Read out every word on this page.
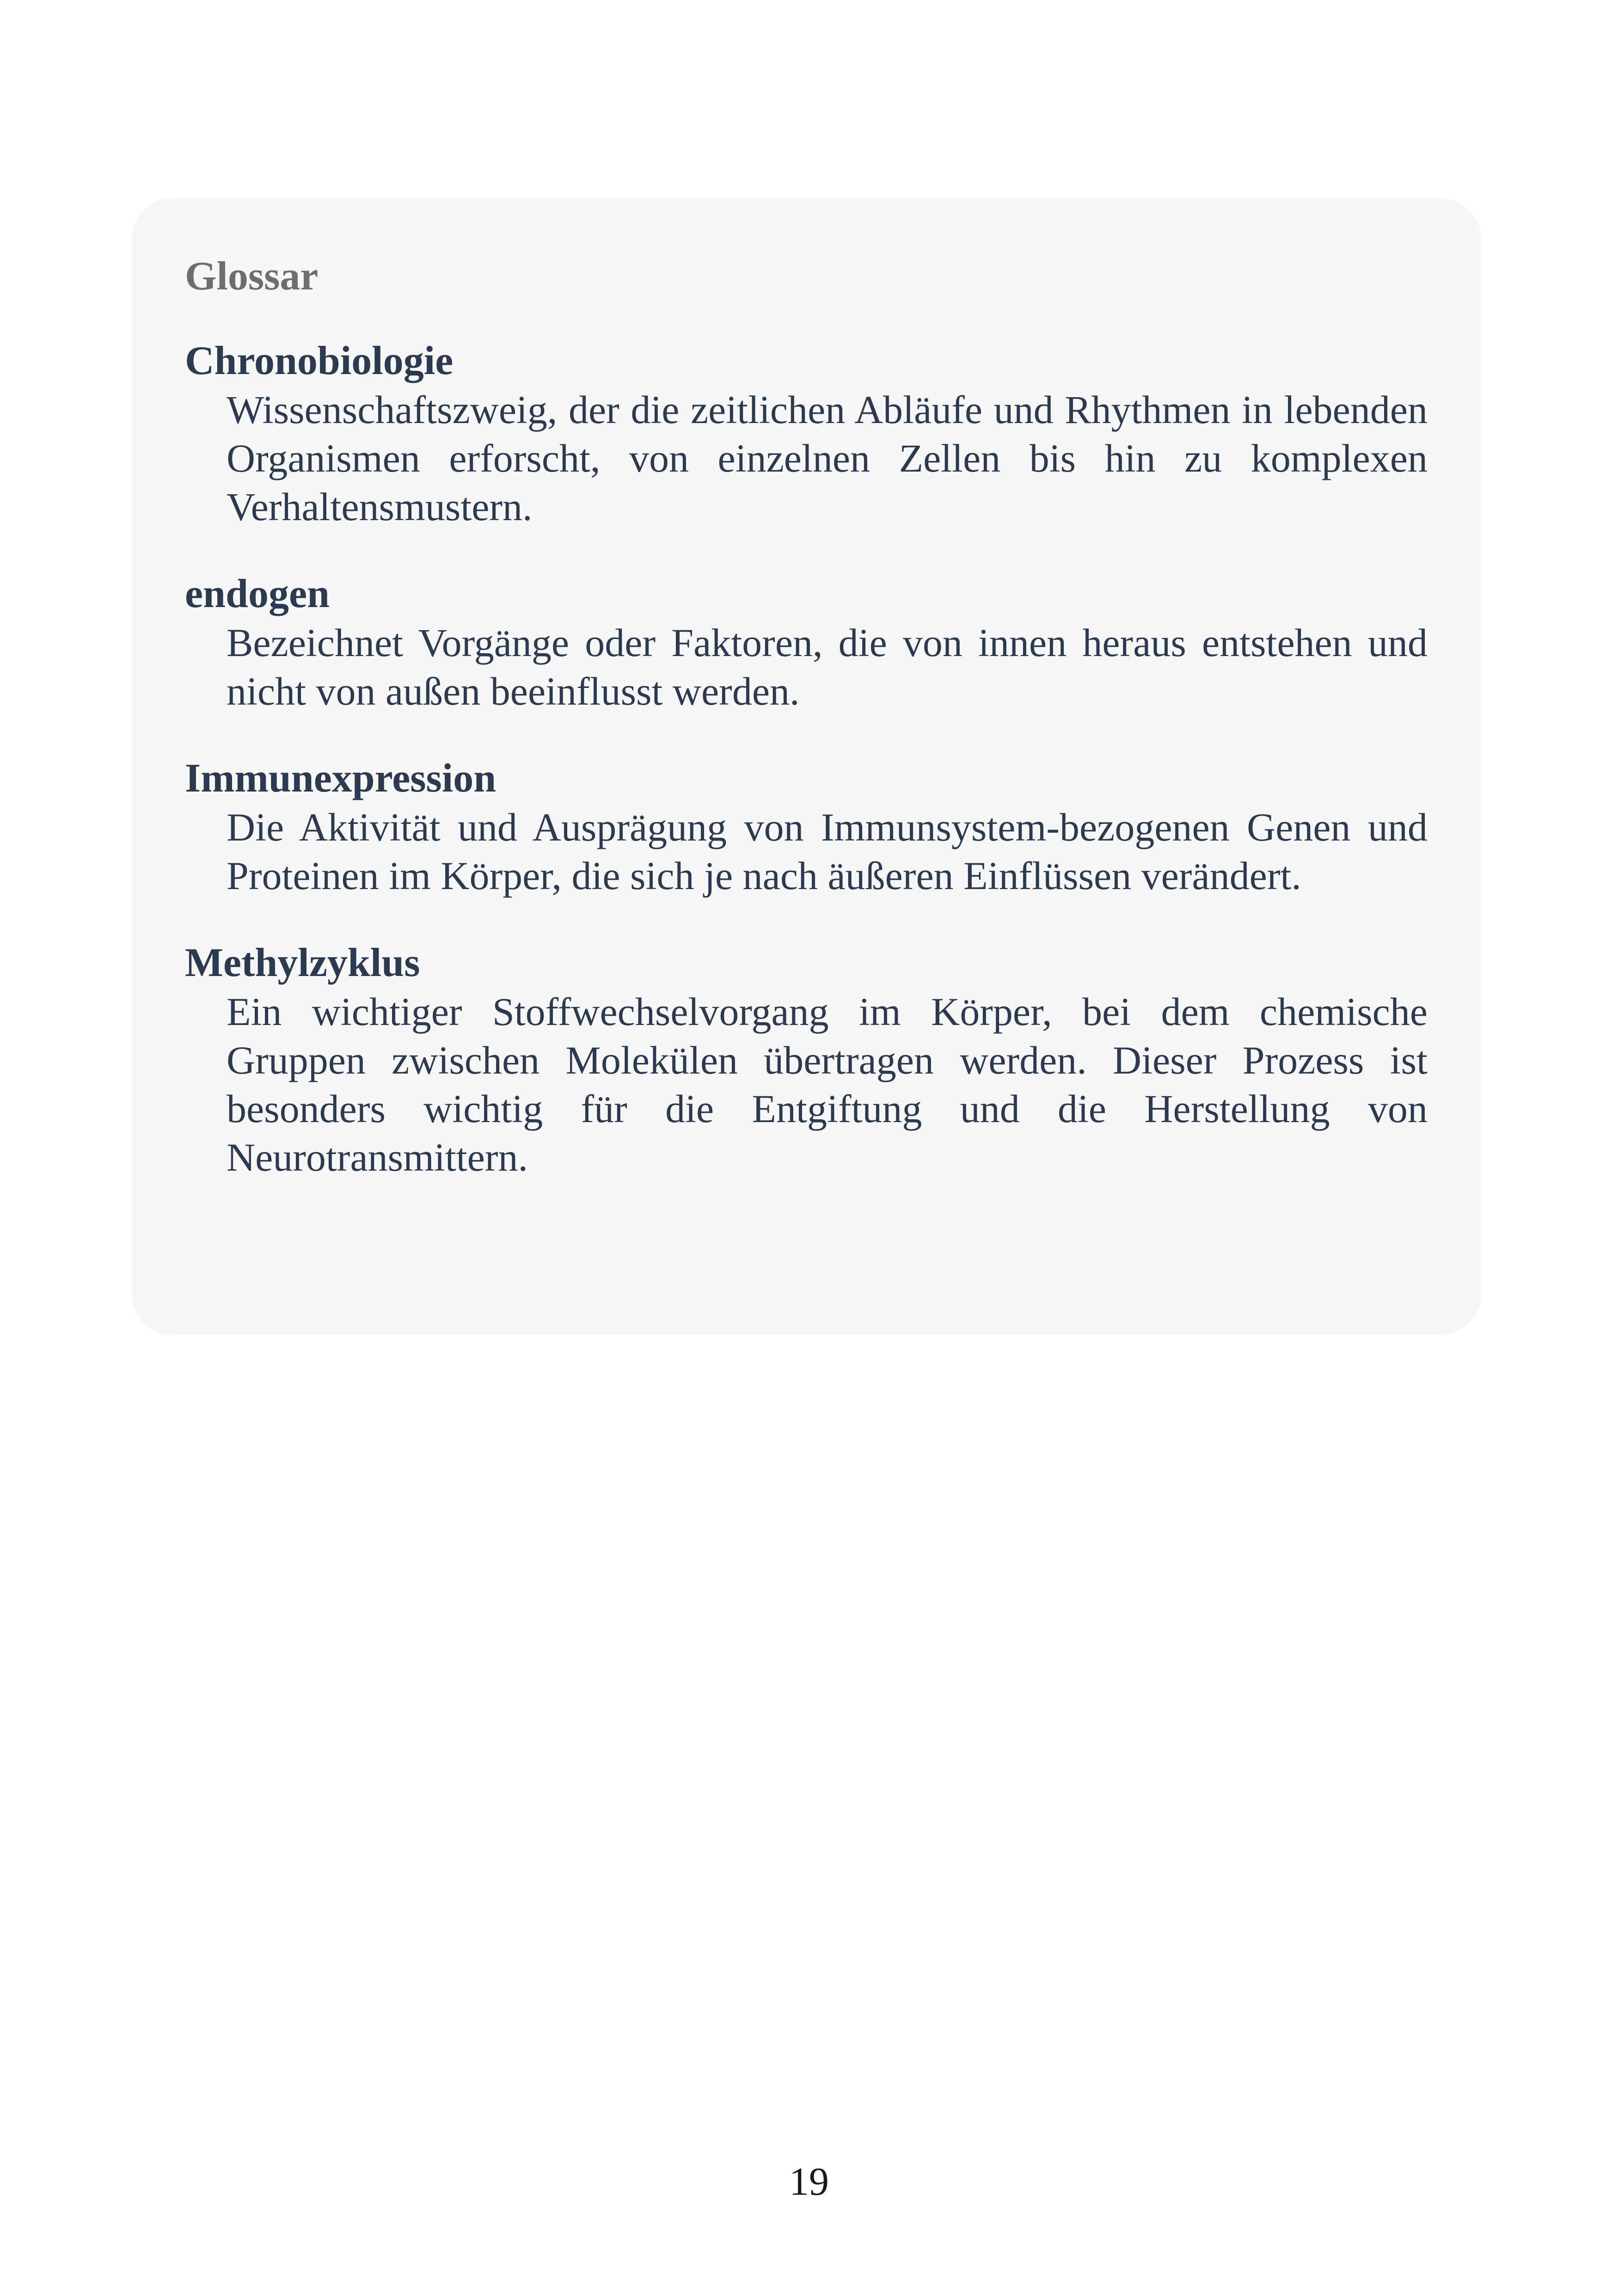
Glossar
Chronobiologie
Wissenschaftszweig, der die zeitlichen Abläufe und Rhythmen in lebenden Organismen erforscht, von einzelnen Zellen bis hin zu komplexen Verhaltensmustern.
endogen
Bezeichnet Vorgänge oder Faktoren, die von innen heraus entstehen und nicht von außen beeinflusst werden.
Immunexpression
Die Aktivität und Ausprägung von Immunsystem-bezogenen Genen und Proteinen im Körper, die sich je nach äußeren Einflüssen verändert.
Methylzyklus
Ein wichtiger Stoffwechselvorgang im Körper, bei dem chemische Gruppen zwischen Molekülen übertragen werden. Dieser Prozess ist besonders wichtig für die Entgiftung und die Herstellung von Neurotransmittern.
19
